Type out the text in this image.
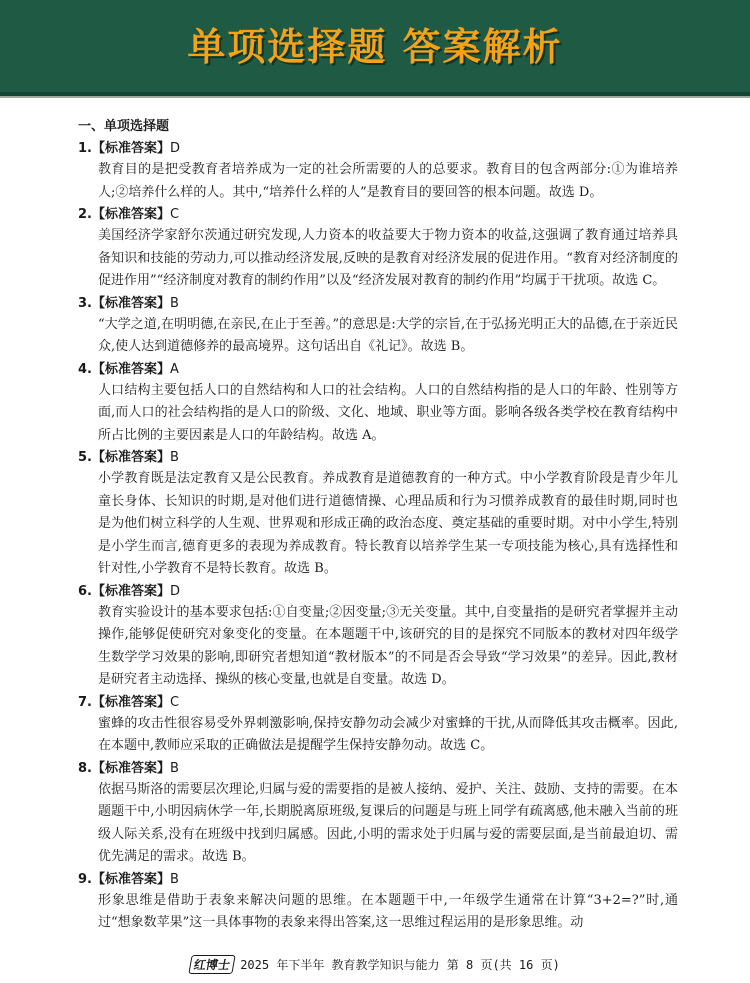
单项选择题 答案解析
一、单项选择题
1.【标准答案】D
教育目的是把受教育者培养成为一定的社会所需要的人的总要求。教育目的包含两部分:①为谁培养人;②培养什么样的人。其中,“培养什么样的人”是教育目的要回答的根本问题。故选 D。
2.【标准答案】C
美国经济学家舒尔茨通过研究发现,人力资本的收益要大于物力资本的收益,这强调了教育通过培养具备知识和技能的劳动力,可以推动经济发展,反映的是教育对经济发展的促进作用。“教育对经济制度的促进作用”“经济制度对教育的制约作用”以及“经济发展对教育的制约作用”均属于干扰项。故选 C。
3.【标准答案】B
“大学之道,在明明德,在亲民,在止于至善。”的意思是:大学的宗旨,在于弘扬光明正大的品德,在于亲近民众,使人达到道德修养的最高境界。这句话出自《礼记》。故选 B。
4.【标准答案】A
人口结构主要包括人口的自然结构和人口的社会结构。人口的自然结构指的是人口的年龄、性别等方面,而人口的社会结构指的是人口的阶级、文化、地域、职业等方面。影响各级各类学校在教育结构中所占比例的主要因素是人口的年龄结构。故选 A。
5.【标准答案】B
小学教育既是法定教育又是公民教育。养成教育是道德教育的一种方式。中小学教育阶段是青少年儿童长身体、长知识的时期,是对他们进行道德情操、心理品质和行为习惯养成教育的最佳时期,同时也是为他们树立科学的人生观、世界观和形成正确的政治态度、奠定基础的重要时期。对中小学生,特别是小学生而言,德育更多的表现为养成教育。特长教育以培养学生某一专项技能为核心,具有选择性和针对性,小学教育不是特长教育。故选 B。
6.【标准答案】D
教育实验设计的基本要求包括:①自变量;②因变量;③无关变量。其中,自变量指的是研究者掌握并主动操作,能够促使研究对象变化的变量。在本题题干中,该研究的目的是探究不同版本的教材对四年级学生数学学习效果的影响,即研究者想知道“教材版本”的不同是否会导致“学习效果”的差异。因此,教材是研究者主动选择、操纵的核心变量,也就是自变量。故选 D。
7.【标准答案】C
蜜蜂的攻击性很容易受外界刺激影响,保持安静勿动会减少对蜜蜂的干扰,从而降低其攻击概率。因此,在本题中,教师应采取的正确做法是提醒学生保持安静勿动。故选 C。
8.【标准答案】B
依据马斯洛的需要层次理论,归属与爱的需要指的是被人接纳、爱护、关注、鼓励、支持的需要。在本题题干中,小明因病休学一年,长期脱离原班级,复课后的问题是与班上同学有疏离感,他未融入当前的班级人际关系,没有在班级中找到归属感。因此,小明的需求处于归属与爱的需要层面,是当前最迫切、需优先满足的需求。故选 B。
9.【标准答案】B
形象思维是借助于表象来解决问题的思维。在本题题干中,一年级学生通常在计算“3+2=?”时,通过“想象数苹果”这一具体事物的表象来得出答案,这一思维过程运用的是形象思维。动
红博士 2025 年下半年 教育教学知识与能力 第 8 页(共 16 页)
